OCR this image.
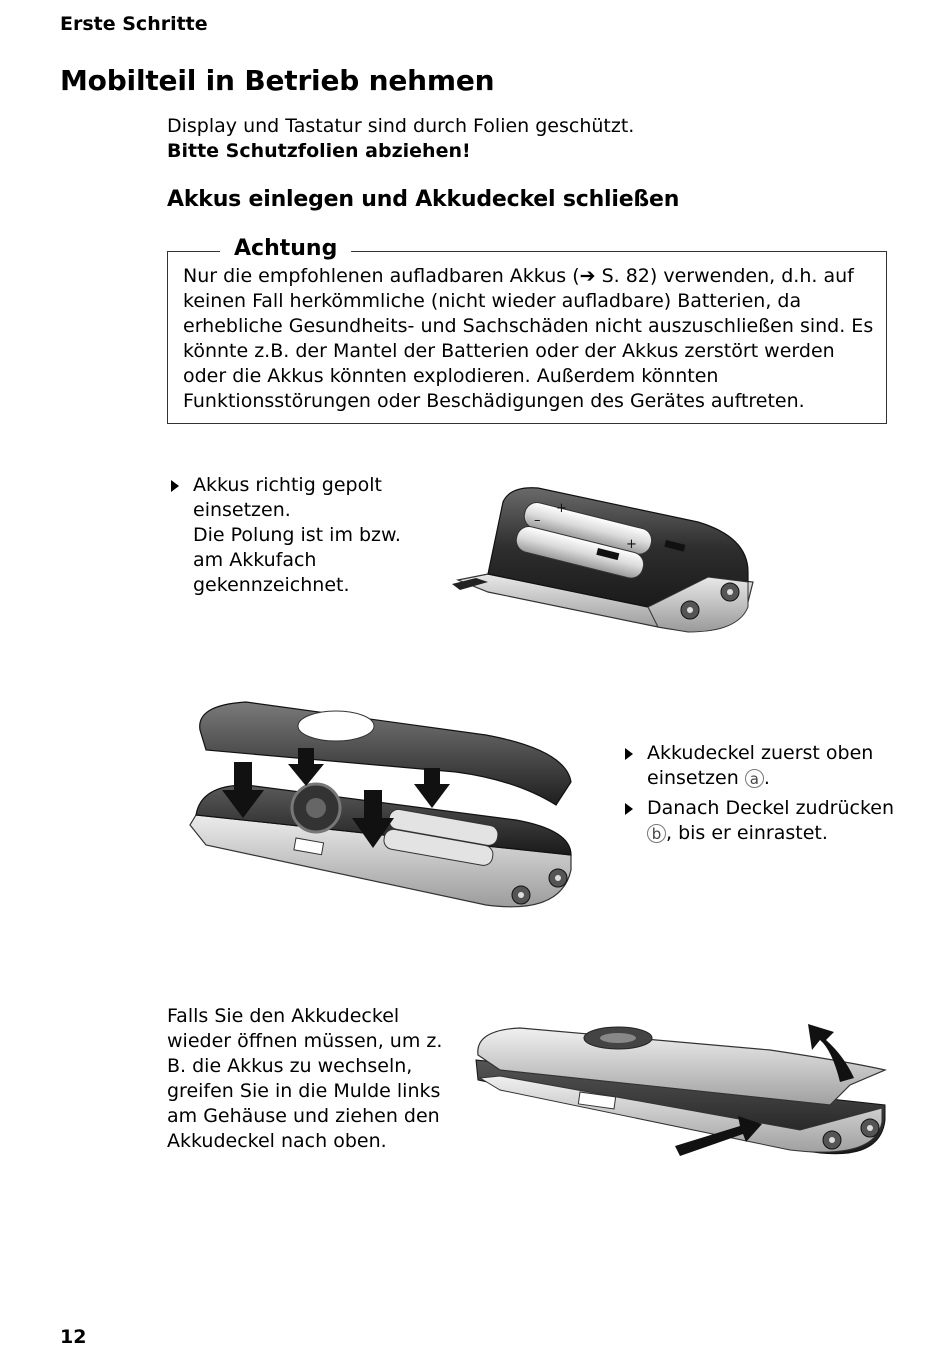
Erste Schritte
Mobilteil in Betrieb nehmen
Display und Tastatur sind durch Folien geschützt.
Bitte Schutzfolien abziehen!
Akkus einlegen und Akkudeckel schließen
Achtung
Nur die empfohlenen aufladbaren Akkus (➔ S. 82) verwenden, d.h. auf keinen Fall herkömmliche (nicht wieder aufladbare) Batterien, da erhebliche Gesundheits- und Sachschäden nicht auszuschließen sind. Es könnte z.B. der Mantel der Batterien oder der Akkus zerstört werden oder die Akkus könnten explodieren. Außerdem könnten Funktionsstörungen oder Beschädigungen des Gerätes auftreten.
Akkus richtig gepolt einsetzen.
Die Polung ist im bzw. am Akkufach gekennzeichnet.
+
+
–
Akkudeckel zuerst oben einsetzen a .
Danach Deckel zudrücken b , bis er einrastet.
Falls Sie den Akkudeckel wieder öffnen müssen, um z. B. die Akkus zu wechseln, greifen Sie in die Mulde links am Gehäuse und ziehen den Akkudeckel nach oben.
12
